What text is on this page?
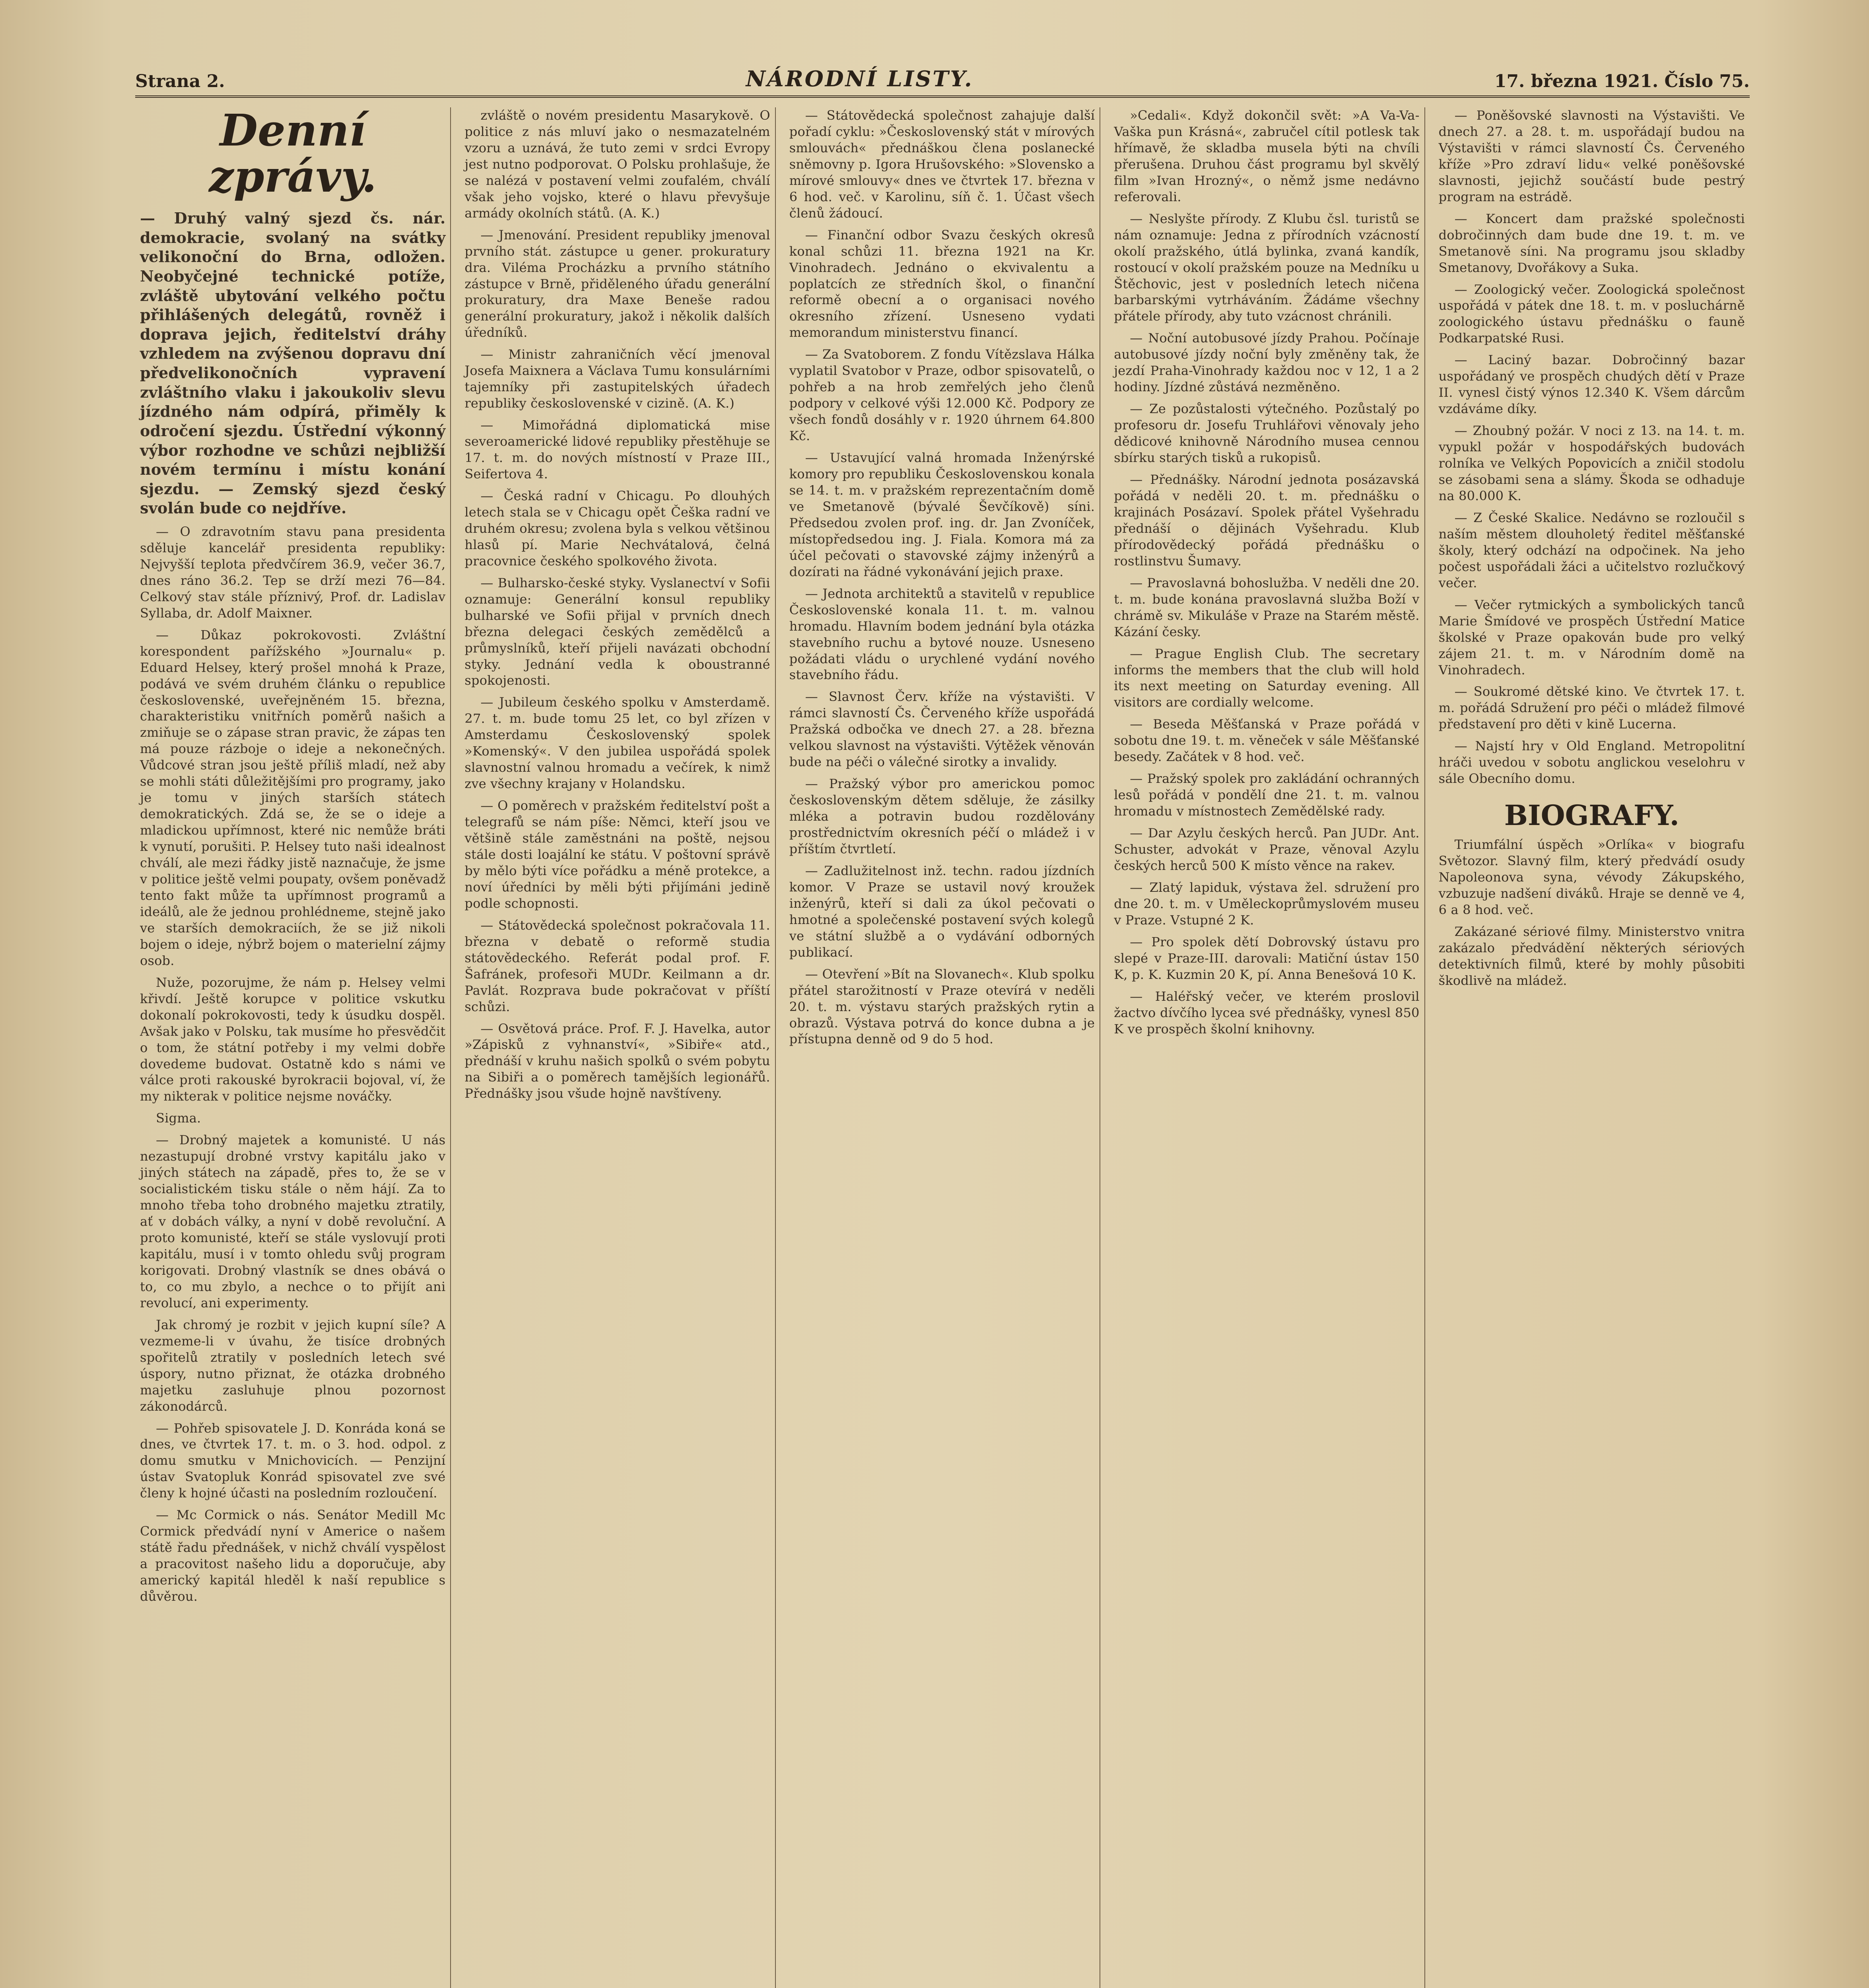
Strana 2.	NÁRODNÍ LISTY.	17. března 1921. Číslo 75.
Denní zprávy.

— Druhý valný sjezd čs. nár. demokracie, svolaný na svátky velikonoční do Brna, odložen. Neobyčejné technické potíže, zvláště ubytování velkého počtu přihlášených delegátů, rovněž i doprava jejich, ředitelství dráhy vzhledem na zvýšenou dopravu dní předvelikonočních vypravení zvláštního vlaku i jakoukoliv slevu jízdného nám odpírá, přiměly k odročení sjezdu. Ústřední výkonný výbor rozhodne ve schůzi nejbližší novém termínu i místu konání sjezdu. — Zemský sjezd český svolán bude co nejdříve.

— O zdravotním stavu pana presidenta sděluje kancelář presidenta republiky: Nejvyšší teplota předvčírem 36.9, večer 36.7, dnes ráno 36.2. Tep se drží mezi 76—84. Celkový stav stále příznivý, Prof. dr. Ladislav Syllaba, dr. Adolf Maixner.

— Důkaz pokrokovosti. Zvláštní korespondent pařížského »Journalu« p. Eduard Helsey, který prošel mnohá k Praze, podává ve svém druhém článku o republice československé, uveřejněném 15. března, charakteristiku vnitřních poměrů našich a zmiňuje se o zápase stran pravic, že zápas ten má pouze rázboje o ideje a nekonečných. Vůdcové stran jsou ještě příliš mladí, než aby se mohli státi důležitějšími pro programy, jako je tomu v jiných starších státech demokratických. Zdá se, že se o ideje a mladickou upřímnost, které nic nemůže bráti k vynutí, porušiti. P. Helsey tuto naši idealnost chválí, ale mezi řádky jistě naznačuje, že jsme v politice ještě velmi poupaty, ovšem poněvadž tento fakt může ta upřímnost programů a ideálů, ale že jednou prohlédneme, stejně jako ve starších demokraciích, že se již nikoli bojem o ideje, nýbrž bojem o materielní zájmy osob.

Nuže, pozorujme, že nám p. Helsey velmi křivdí. Ještě korupce v politice vskutku dokonalí pokrokovosti, tedy k úsudku dospěl. Avšak jako v Polsku, tak musíme ho přesvědčit o tom, že státní potřeby i my velmi dobře dovedeme budovat. Ostatně kdo s námi ve válce proti rakouské byrokracii bojoval, ví, že my nikterak v politice nejsme nováčky.

Sigma.

— Drobný majetek a komunisté. U nás nezastupují drobné vrstvy kapitálu jako v jiných státech na západě, přes to, že se v socialistickém tisku stále o něm hájí. Za to mnoho třeba toho drobného majetku ztratily, ať v dobách války, a nyní v době revoluční. A proto komunisté, kteří se stále vyslovují proti kapitálu, musí i v tomto ohledu svůj program korigovati. Drobný vlastník se dnes obává o to, co mu zbylo, a nechce o to přijít ani revolucí, ani experimenty.

Jak chromý je rozbit v jejich kupní síle? A vezmeme-li v úvahu, že tisíce drobných spořitelů ztratily v posledních letech své úspory, nutno přiznat, že otázka drobného majetku zasluhuje plnou pozornost zákonodárců.

— Pohřeb spisovatele J. D. Konráda koná se dnes, ve čtvrtek 17. t. m. o 3. hod. odpol. z domu smutku v Mnichovicích. — Penzijní ústav Svatopluk Konrád spisovatel zve své členy k hojné účasti na posledním rozloučení.

— Mc Cormick o nás. Senátor Medill Mc Cormick předvádí nyní v Americe o našem státě řadu přednášek, v nichž chválí vyspělost a pracovitost našeho lidu a doporučuje, aby americký kapitál hleděl k naší republice s důvěrou.

zvláště o novém presidentu Masarykově. O politice z nás mluví jako o nesmazatelném vzoru a uznává, že tuto zemi v srdci Evropy jest nutno podporovat. O Polsku prohlašuje, že se nalézá v postavení velmi zoufalém, chválí však jeho vojsko, které o hlavu převyšuje armády okolních států. (A. K.)

— Jmenování. President republiky jmenoval prvního stát. zástupce u gener. prokuratury dra. Viléma Procházku a prvního státního zástupce v Brně, přiděleného úřadu generální prokuratury, dra Maxe Beneše radou generální prokuratury, jakož i několik dalších úředníků.

— Ministr zahraničních věcí jmenoval Josefa Maixnera a Václava Tumu konsulárními tajemníky při zastupitelských úřadech republiky československé v cizině. (A. K.)

— Mimořádná diplomatická mise severoamerické lidové republiky přestěhuje se 17. t. m. do nových místností v Praze III., Seifertova 4.

— Česká radní v Chicagu. Po dlouhých letech stala se v Chicagu opět Češka radní ve druhém okresu; zvolena byla s velkou většinou hlasů pí. Marie Nechvátalová, čelná pracovnice českého spolkového života.

— Bulharsko-české styky. Vyslanectví v Sofii oznamuje: Generální konsul republiky bulharské ve Sofii přijal v prvních dnech března delegaci českých zemědělců a průmyslníků, kteří přijeli navázati obchodní styky. Jednání vedla k oboustranné spokojenosti.

— Jubileum českého spolku v Amsterdamě. 27. t. m. bude tomu 25 let, co byl zřízen v Amsterdamu Československý spolek »Komenský«. V den jubilea uspořádá spolek slavnostní valnou hromadu a večírek, k nimž zve všechny krajany v Holandsku.

— O poměrech v pražském ředitelství pošt a telegrafů se nám píše: Němci, kteří jsou ve většině stále zaměstnáni na poště, nejsou stále dosti loajální ke státu. V poštovní správě by mělo býti více pořádku a méně protekce, a noví úředníci by měli býti přijímáni jedině podle schopnosti.

— Státovědecká společnost pokračovala 11. března v debatě o reformě studia státovědeckého. Referát podal prof. F. Šafránek, profesoři MUDr. Keilmann a dr. Pavlát. Rozprava bude pokračovat v příští schůzi.

— Osvětová práce. Prof. F. J. Havelka, autor »Zápisků z vyhnanství«, »Sibiře« atd., přednáší v kruhu našich spolků o svém pobytu na Sibiři a o poměrech tamějších legionářů. Přednášky jsou všude hojně navštíveny.

— Státovědecká společnost zahajuje další pořadí cyklu: »Československý stát v mírových smlouvách« přednáškou člena poslanecké sněmovny p. Igora Hrušovského: »Slovensko a mírové smlouvy« dnes ve čtvrtek 17. března v 6 hod. več. v Karolinu, síň č. 1. Účast všech členů žádoucí.

— Finanční odbor Svazu českých okresů konal schůzi 11. března 1921 na Kr. Vinohradech. Jednáno o ekvivalentu a poplatcích ze středních škol, o finanční reformě obecní a o organisaci nového okresního zřízení. Usneseno vydati memorandum ministerstvu financí.

— Za Svatoborem. Z fondu Vítězslava Hálka vyplatil Svatobor v Praze, odbor spisovatelů, o pohřeb a na hrob zemřelých jeho členů podpory v celkové výši 12.000 Kč. Podpory ze všech fondů dosáhly v r. 1920 úhrnem 64.800 Kč.

— Ustavující valná hromada Inženýrské komory pro republiku Československou konala se 14. t. m. v pražském reprezentačním domě ve Smetanově (bývalé Ševčíkově) síni. Předsedou zvolen prof. ing. dr. Jan Zvoníček, místopředsedou ing. J. Fiala. Komora má za účel pečovati o stavovské zájmy inženýrů a dozírati na řádné vykonávání jejich praxe.

— Jednota architektů a stavitelů v republice Československé konala 11. t. m. valnou hromadu. Hlavním bodem jednání byla otázka stavebního ruchu a bytové nouze. Usneseno požádati vládu o urychlené vydání nového stavebního řádu.

— Slavnost Červ. kříže na výstavišti. V rámci slavností Čs. Červeného kříže uspořádá Pražská odbočka ve dnech 27. a 28. března velkou slavnost na výstavišti. Výtěžek věnován bude na péči o válečné sirotky a invalidy.

— Pražský výbor pro americkou pomoc československým dětem sděluje, že zásilky mléka a potravin budou rozdělovány prostřednictvím okresních péčí o mládež i v příštím čtvrtletí.

— Zadlužitelnost inž. techn. radou jízdních komor. V Praze se ustavil nový kroužek inženýrů, kteří si dali za úkol pečovati o hmotné a společenské postavení svých kolegů ve státní službě a o vydávání odborných publikací.

— Otevření »Bít na Slovanech«. Klub spolku přátel starožitností v Praze otevírá v neděli 20. t. m. výstavu starých pražských rytin a obrazů. Výstava potrvá do konce dubna a je přístupna denně od 9 do 5 hod.

»Cedali«. Když dokončil svět: »A Va-Va-Vaška pun Krásná«, zabručel cítil potlesk tak hřímavě, že skladba musela býti na chvíli přerušena. Druhou část programu byl skvělý film »Ivan Hrozný«, o němž jsme nedávno referovali.

— Neslyšte přírody. Z Klubu čsl. turistů se nám oznamuje: Jedna z přírodních vzácností okolí pražského, útlá bylinka, zvaná kandík, rostoucí v okolí pražském pouze na Medníku u Štěchovic, jest v posledních letech ničena barbarskými vytrháváním. Žádáme všechny přátele přírody, aby tuto vzácnost chránili.

— Noční autobusové jízdy Prahou. Počínaje autobusové jízdy noční byly změněny tak, že jezdí Praha-Vinohrady každou noc v 12, 1 a 2 hodiny. Jízdné zůstává nezměněno.

— Ze pozůstalosti výtečného. Pozůstalý po profesoru dr. Josefu Truhlářovi věnovaly jeho dědicové knihovně Národního musea cennou sbírku starých tisků a rukopisů.

— Přednášky. Národní jednota posázavská pořádá v neděli 20. t. m. přednášku o krajinách Posázaví. Spolek přátel Vyšehradu přednáší o dějinách Vyšehradu. Klub přírodovědecký pořádá přednášku o rostlinstvu Šumavy.

— Pravoslavná bohoslužba. V neděli dne 20. t. m. bude konána pravoslavná služba Boží v chrámě sv. Mikuláše v Praze na Starém městě. Kázání česky.

— Prague English Club. The secretary informs the members that the club will hold its next meeting on Saturday evening. All visitors are cordially welcome.

— Beseda Měšťanská v Praze pořádá v sobotu dne 19. t. m. věneček v sále Měšťanské besedy. Začátek v 8 hod. več.

— Pražský spolek pro zakládání ochranných lesů pořádá v pondělí dne 21. t. m. valnou hromadu v místnostech Zemědělské rady.

— Dar Azylu českých herců. Pan JUDr. Ant. Schuster, advokát v Praze, věnoval Azylu českých herců 500 K místo věnce na rakev.

— Zlatý lapiduk, výstava žel. sdružení pro dne 20. t. m. v Uměleckoprůmyslovém museu v Praze. Vstupné 2 K.

— Pro spolek dětí Dobrovský ústavu pro slepé v Praze-III. darovali: Matiční ústav 150 K, p. K. Kuzmin 20 K, pí. Anna Benešová 10 K.

— Haléřský večer, ve kterém proslovil žactvo dívčího lycea své přednášky, vynesl 850 K ve prospěch školní knihovny.

— Poněšovské slavnosti na Výstavišti. Ve dnech 27. a 28. t. m. uspořádají budou na Výstavišti v rámci slavností Čs. Červeného kříže »Pro zdraví lidu« velké poněšovské slavnosti, jejichž součástí bude pestrý program na estrádě.

— Koncert dam pražské společnosti dobročinných dam bude dne 19. t. m. ve Smetanově síni. Na programu jsou skladby Smetanovy, Dvořákovy a Suka.

— Zoologický večer. Zoologická společnost uspořádá v pátek dne 18. t. m. v posluchárně zoologického ústavu přednášku o fauně Podkarpatské Rusi.

— Laciný bazar. Dobročinný bazar uspořádaný ve prospěch chudých dětí v Praze II. vynesl čistý výnos 12.340 K. Všem dárcům vzdáváme díky.

— Zhoubný požár. V noci z 13. na 14. t. m. vypukl požár v hospodářských budovách rolníka ve Velkých Popovicích a zničil stodolu se zásobami sena a slámy. Škoda se odhaduje na 80.000 K.

— Z České Skalice. Nedávno se rozloučil s naším městem dlouholetý ředitel měšťanské školy, který odchází na odpočinek. Na jeho počest uspořádali žáci a učitelstvo rozlučkový večer.

— Večer rytmických a symbolických tanců Marie Šmídové ve prospěch Ústřední Matice školské v Praze opakován bude pro velký zájem 21. t. m. v Národním domě na Vinohradech.

— Soukromé dětské kino. Ve čtvrtek 17. t. m. pořádá Sdružení pro péči o mládež filmové představení pro děti v kině Lucerna.

— Najstí hry v Old England. Metropolitní hráči uvedou v sobotu anglickou veselohru v sále Obecního domu.

BIOGRAFY.

Triumfální úspěch »Orlíka« v biografu Světozor. Slavný film, který předvádí osudy Napoleonova syna, vévody Zákupského, vzbuzuje nadšení diváků. Hraje se denně ve 4, 6 a 8 hod. več.

Zakázané sériové filmy. Ministerstvo vnitra zakázalo předvádění některých sériových detektivních filmů, které by mohly působiti škodlivě na mládež.
